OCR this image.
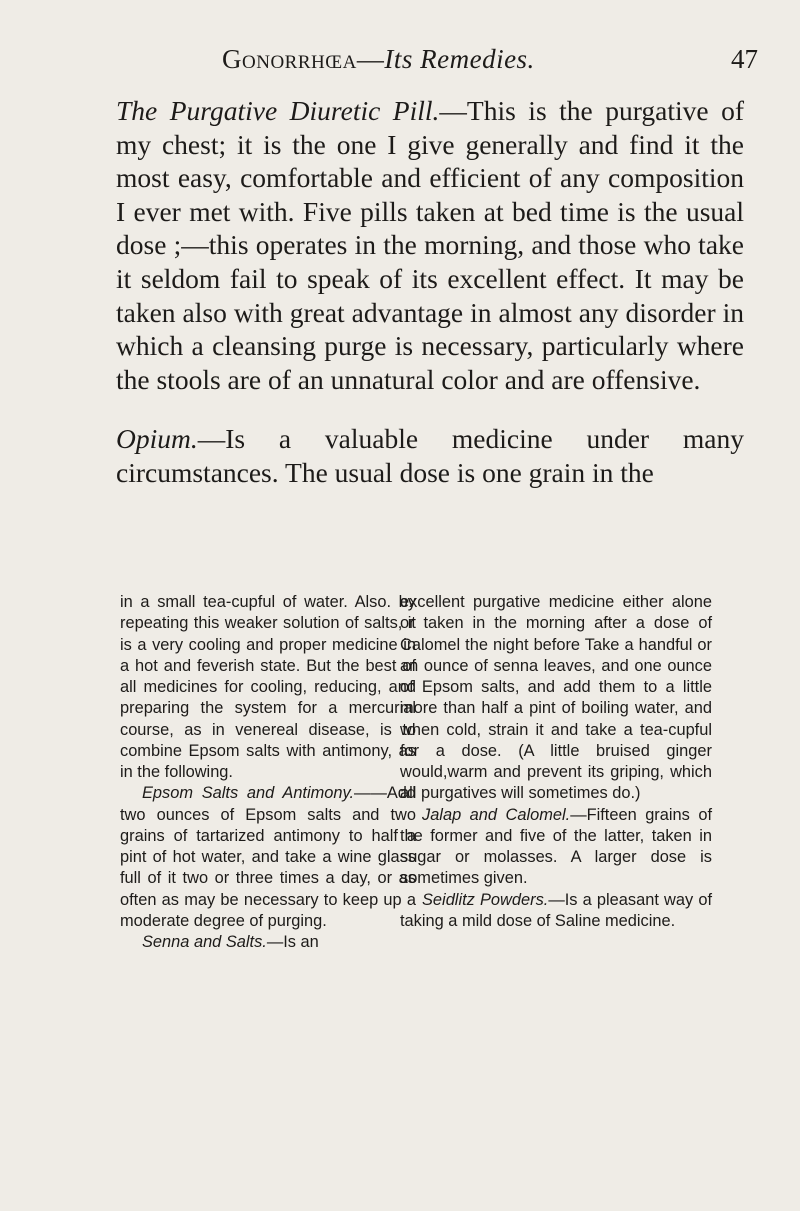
Gonorrhœa—Its Remedies.	47

The Purgative Diuretic Pill.—This is the purgative of my chest; it is the one I give generally and find it the most easy, comfortable and efficient of any composition I ever met with. Five pills taken at bed time is the usual dose ;—this operates in the morning, and those who take it seldom fail to speak of its excellent effect. It may be taken also with great advantage in almost any disorder in which a cleansing purge is necessary, particularly where the stools are of an unnatural color and are offensive.

Opium.—Is a valuable medicine under many circumstances. The usual dose is one grain in the

in a small tea-cupful of water. Also. by repeating this weaker solution of salts, it is a very cooling and proper medicine in a hot and feverish state. But the best of all medicines for cooling, reducing, and preparing the system for a mercurial course, as in venereal disease, is to combine Epsom salts with antimony, as in the following.

Epsom Salts and Antimony.——Add two ounces of Epsom salts and two grains of tartarized antimony to half a pint of hot water, and take a wine glass full of it two or three times a day, or as often as may be necessary to keep up a moderate degree of purging.

Senna and Salts.—Is an

excellent purgative medicine either alone or taken in the morning after a dose of Calomel the night before Take a handful or an ounce of senna leaves, and one ounce of Epsom salts, and add them to a little more than half a pint of boiling water, and when cold, strain it and take a tea-cupful for a dose. (A little bruised ginger would,warm and prevent its griping, which all purgatives will sometimes do.)

Jalap and Calomel.—Fifteen grains of the former and five of the latter, taken in sugar or molasses. A larger dose is sometimes given.

Seidlitz Powders.—Is a pleasant way of taking a mild dose of Saline medicine.
